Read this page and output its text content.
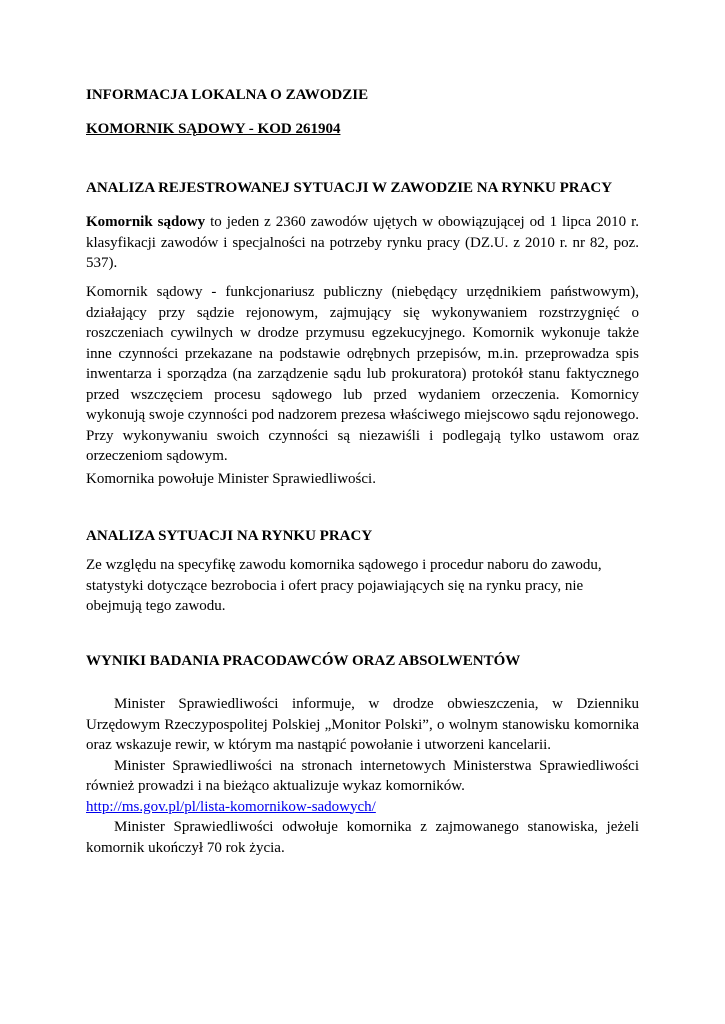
INFORMACJA LOKALNA O ZAWODZIE
KOMORNIK SĄDOWY - KOD 261904
ANALIZA REJESTROWANEJ SYTUACJI W ZAWODZIE NA RYNKU PRACY

Komornik sądowy to jeden z 2360 zawodów ujętych w obowiązującej od 1 lipca 2010 r. klasyfikacji zawodów i specjalności na potrzeby rynku pracy (DZ.U. z 2010 r. nr 82, poz. 537).

Komornik sądowy - funkcjonariusz publiczny (niebędący urzędnikiem państwowym), działający przy sądzie rejonowym, zajmujący się wykonywaniem rozstrzygnięć o roszczeniach cywilnych w drodze przymusu egzekucyjnego. Komornik wykonuje także inne czynności przekazane na podstawie odrębnych przepisów, m.in. przeprowadza spis inwentarza i sporządza (na zarządzenie sądu lub prokuratora) protokół stanu faktycznego przed wszczęciem procesu sądowego lub przed wydaniem orzeczenia. Komornicy wykonują swoje czynności pod nadzorem prezesa właściwego miejscowo sądu rejonowego. Przy wykonywaniu swoich czynności są niezawiśli i podlegają tylko ustawom oraz orzeczeniom sądowym.

Komornika powołuje Minister Sprawiedliwości.

ANALIZA SYTUACJI NA RYNKU PRACY

Ze względu na specyfikę zawodu komornika sądowego i procedur naboru do zawodu, statystyki dotyczące bezrobocia i ofert pracy pojawiających się na rynku pracy, nie obejmują tego zawodu.

WYNIKI BADANIA PRACODAWCÓW ORAZ ABSOLWENTÓW

Minister Sprawiedliwości informuje, w drodze obwieszczenia, w Dzienniku Urzędowym Rzeczypospolitej Polskiej „Monitor Polski”, o wolnym stanowisku komornika oraz wskazuje rewir, w którym ma nastąpić powołanie i utworzeni kancelarii.

Minister Sprawiedliwości na stronach internetowych Ministerstwa Sprawiedliwości również prowadzi i na bieżąco aktualizuje wykaz komorników.

http://ms.gov.pl/pl/lista-komornikow-sadowych/

Minister Sprawiedliwości odwołuje komornika z zajmowanego stanowiska, jeżeli komornik ukończył 70 rok życia.
